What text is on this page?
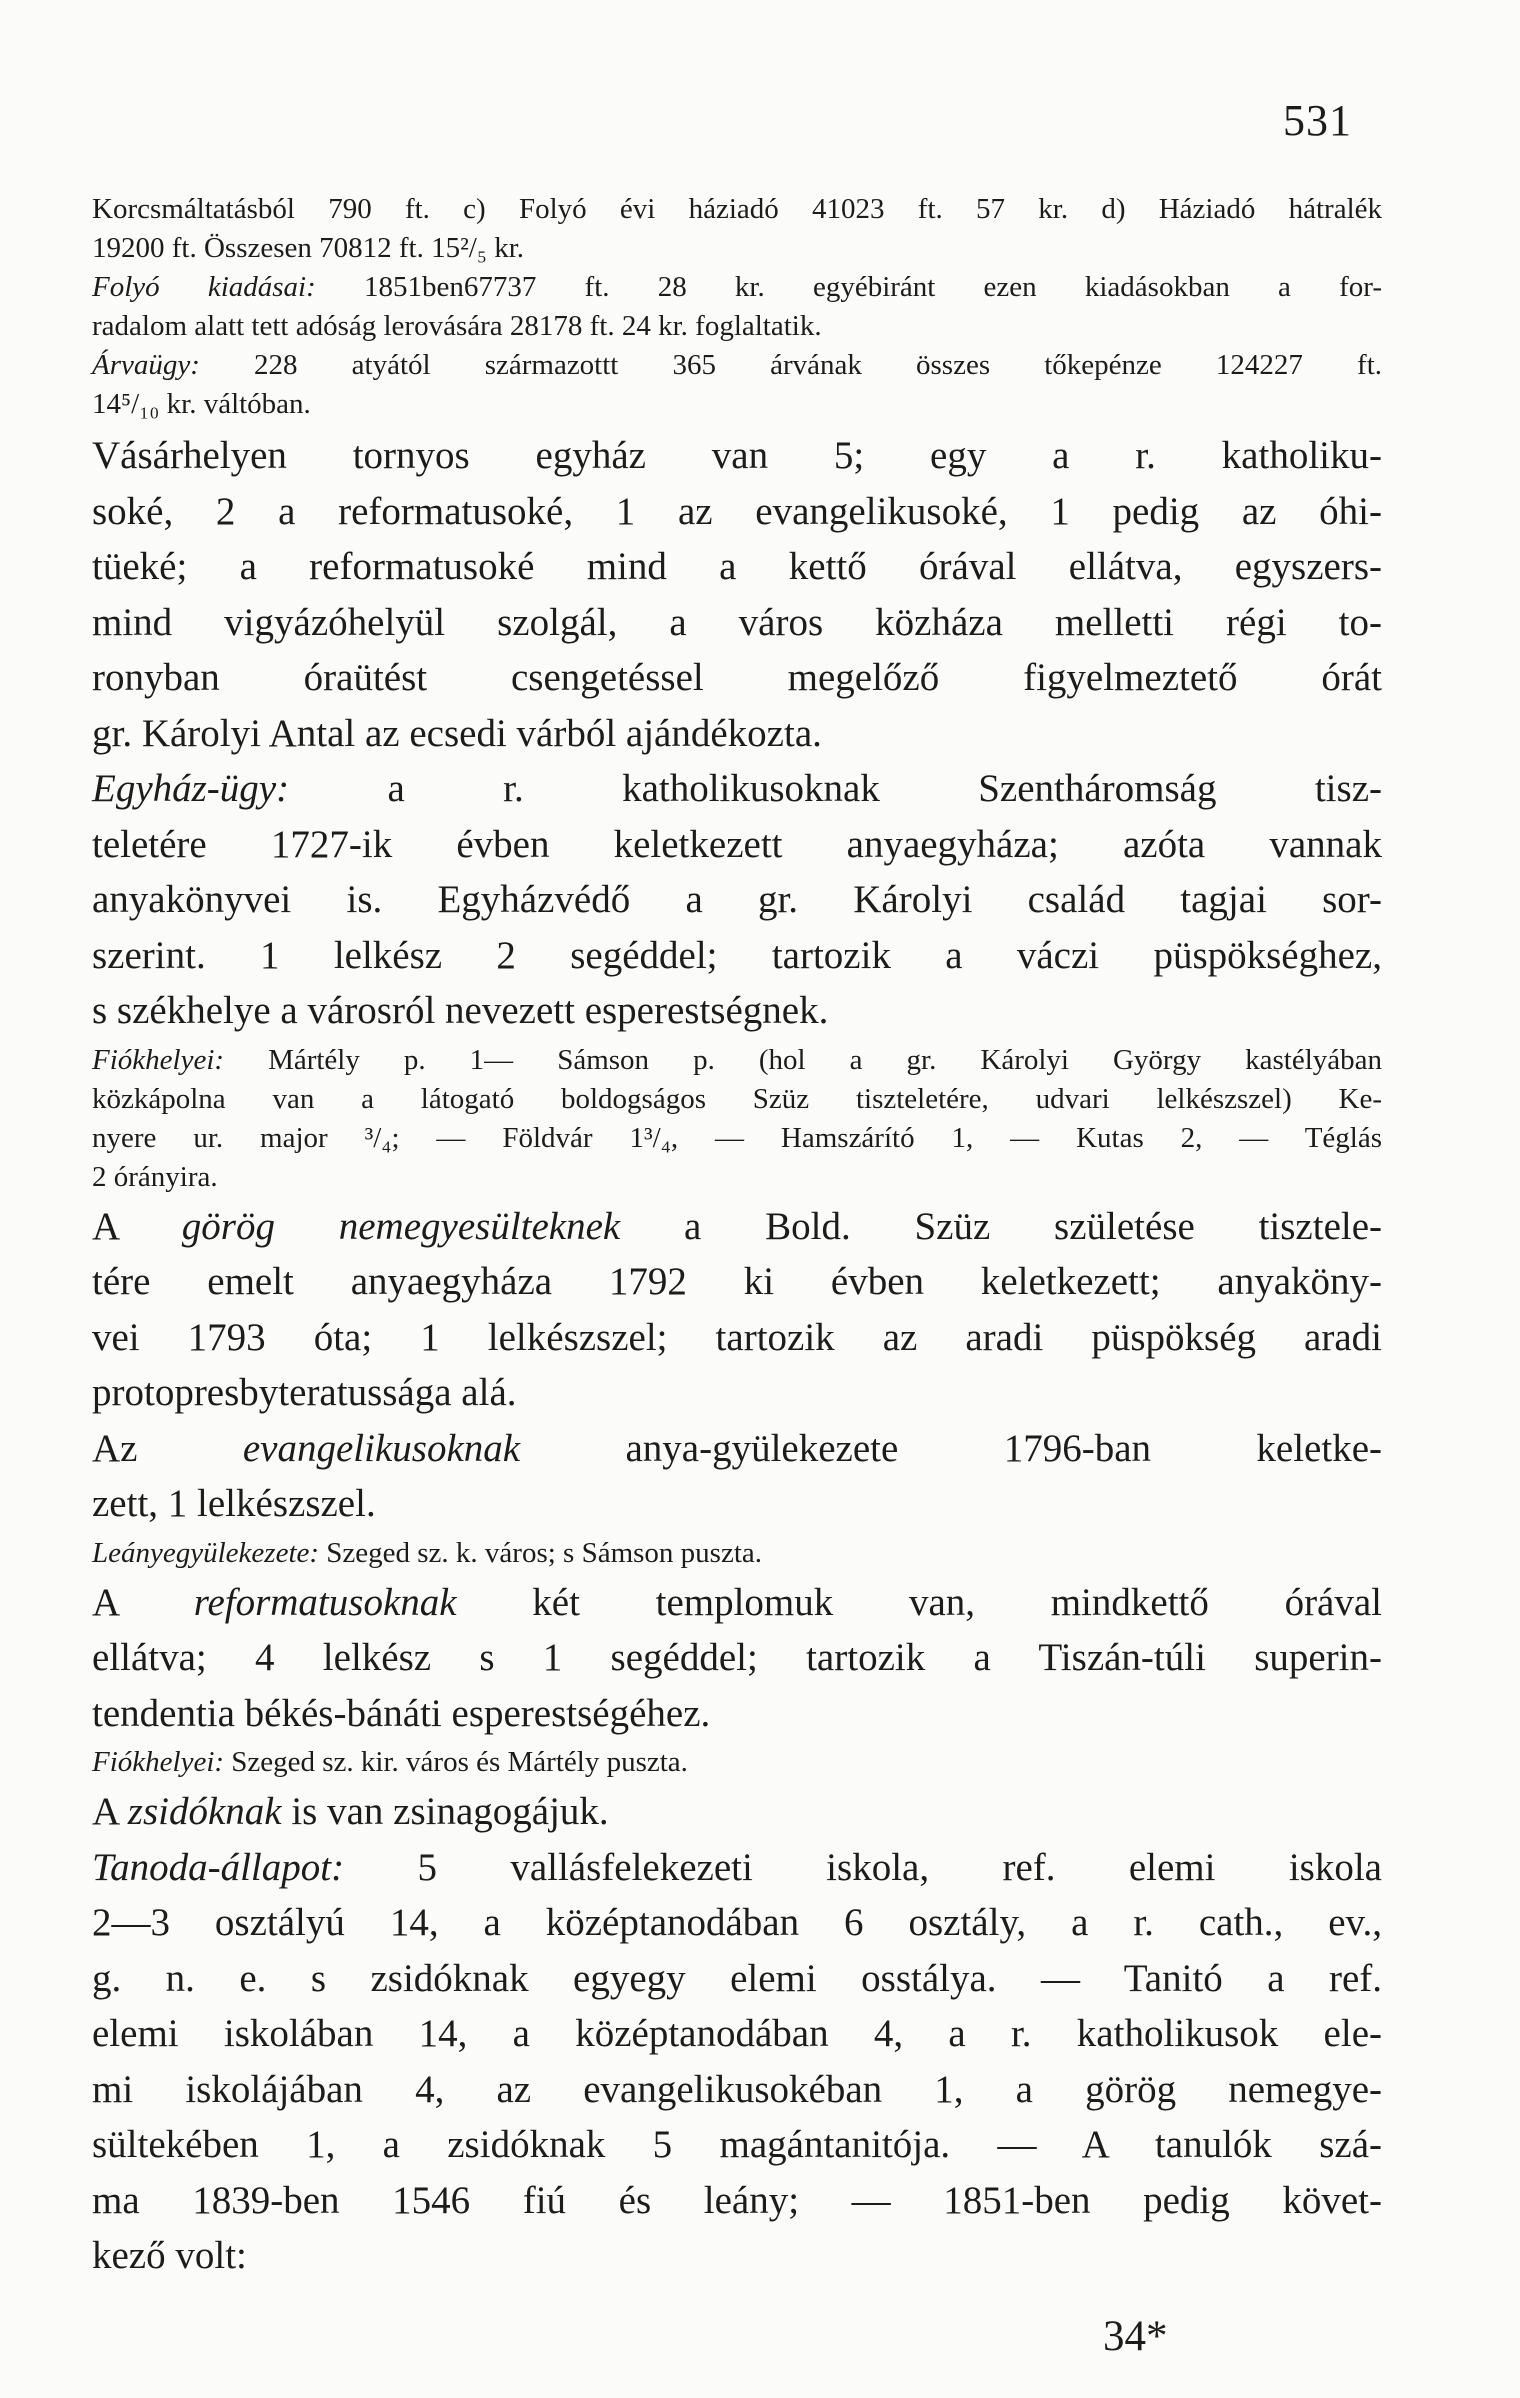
531
Korcsmáltatásból 790 ft. c) Folyó évi háziadó 41023 ft. 57 kr. d) Háziadó hátralék
19200 ft. Összesen 70812 ft. 15²/₅ kr.
Folyó kiadásai: 1851ben67737 ft. 28 kr. egyébiránt ezen kiadásokban a for-
radalom alatt tett adóság lerovására 28178 ft. 24 kr. foglaltatik.
Árvaügy: 228 atyától származottt 365 árvának összes tőkepénze 124227 ft.
14⁵/₁₀ kr. váltóban.
Vásárhelyen tornyos egyház van 5; egy a r. katholiku-
soké, 2 a reformatusoké, 1 az evangelikusoké, 1 pedig az óhi-
tüeké; a reformatusoké mind a kettő órával ellátva, egyszers-
mind vigyázóhelyül szolgál, a város közháza melletti régi to-
ronyban óraütést csengetéssel megelőző figyelmeztető órát
gr. Károlyi Antal az ecsedi várból ajándékozta.
Egyház-ügy: a r. katholikusoknak Szentháromság tisz-
teletére 1727-ik évben keletkezett anyaegyháza; azóta vannak
anyakönyvei is. Egyházvédő a gr. Károlyi család tagjai sor-
szerint. 1 lelkész 2 segéddel; tartozik a váczi püspökséghez,
s székhelye a városról nevezett esperestségnek.
Fiókhelyei: Mártély p. 1— Sámson p. (hol a gr. Károlyi György kastélyában
közkápolna van a látogató boldogságos Szüz tiszteletére, udvari lelkészszel) Ke-
nyere ur. major ³/₄; — Földvár 1³/₄, — Hamszárító 1, — Kutas 2, — Téglás
2 órányira.
A görög nemegyesülteknek a Bold. Szüz születése tisztele-
tére emelt anyaegyháza 1792 ki évben keletkezett; anyaköny-
vei 1793 óta; 1 lelkészszel; tartozik az aradi püspökség aradi
protopresbyteratussága alá.
Az evangelikusoknak anya-gyülekezete 1796-ban keletke-
zett, 1 lelkészszel.
Leányegyülekezete: Szeged sz. k. város; s Sámson puszta.
A reformatusoknak két templomuk van, mindkettő órával
ellátva; 4 lelkész s 1 segéddel; tartozik a Tiszán-túli superin-
tendentia békés-bánáti esperestségéhez.
Fiókhelyei: Szeged sz. kir. város és Mártély puszta.
A zsidóknak is van zsinagogájuk.
Tanoda-állapot: 5 vallásfelekezeti iskola, ref. elemi iskola
2—3 osztályú 14, a középtanodában 6 osztály, a r. cath., ev.,
g. n. e. s zsidóknak egyegy elemi osstálya. — Tanitó a ref.
elemi iskolában 14, a középtanodában 4, a r. katholikusok ele-
mi iskolájában 4, az evangelikusokéban 1, a görög nemegye-
sültekében 1, a zsidóknak 5 magántanitója. — A tanulók szá-
ma 1839-ben 1546 fiú és leány; — 1851-ben pedig követ-
kező volt:
34*
